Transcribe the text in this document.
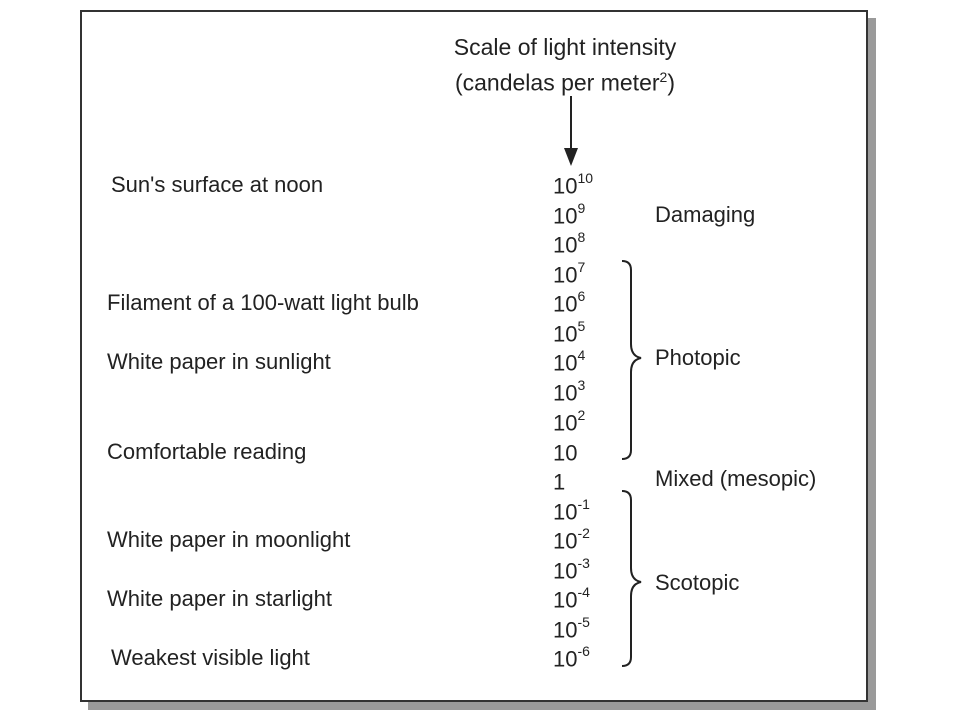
Scale of light intensity
(candelas per meter$^2$)
Sun's surface at noon
Filament of a 100-watt light bulb
White paper in sunlight
Comfortable reading
White paper in moonlight
White paper in starlight
Weakest visible light
$10^{10}$
$10^9$
$10^8$
$10^7$
$10^6$
$10^5$
$10^4$
$10^3$
$10^2$
10
1
$10^{-1}$
$10^{-2}$
$10^{-3}$
$10^{-4}$
$10^{-5}$
$10^{-6}$
Damaging
Photopic
Mixed (mesopic)
Scotopic
